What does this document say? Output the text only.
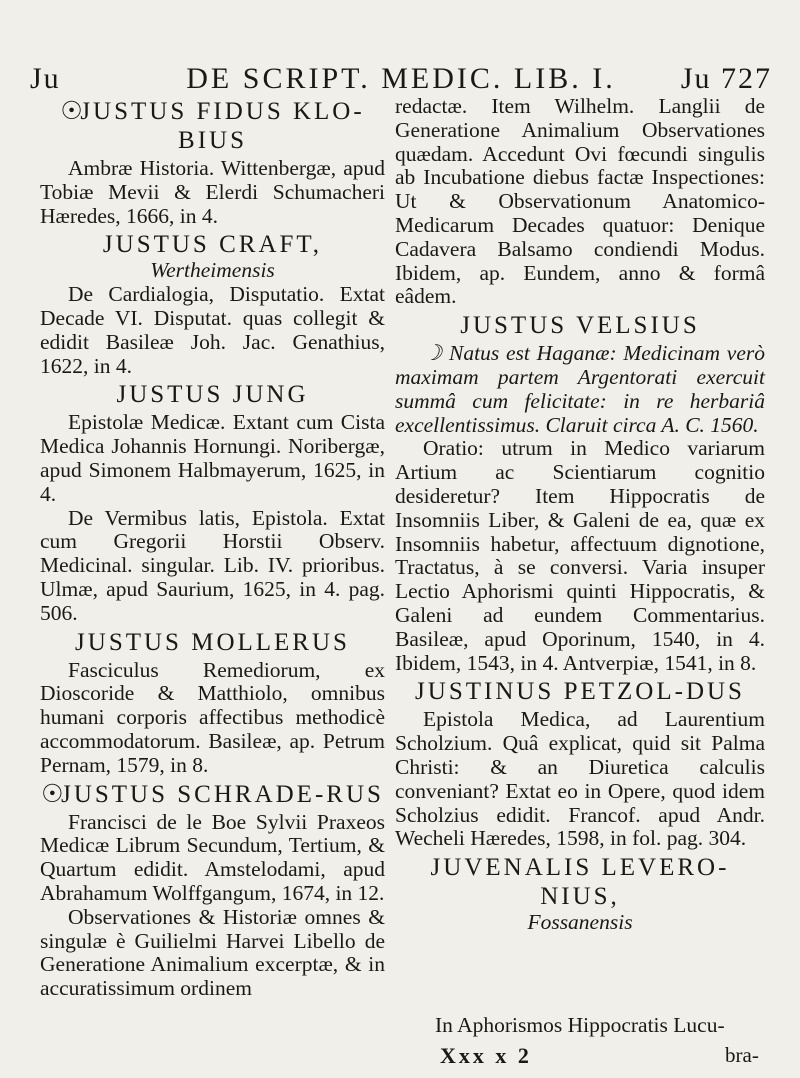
Ju	DE SCRIPT. MEDIC. LIB. I.	Ju 727
☉JUSTUS FIDUS KLO-BIUS

Ambræ Historia. Wittenbergæ, apud Tobiæ Mevii & Elerdi Schumacheri Hæredes, 1666, in 4.

JUSTUS CRAFT,
Wertheimensis

De Cardialogia, Disputatio. Extat Decade VI. Disputat. quas collegit & edidit Basileæ Joh. Jac. Genathius, 1622, in 4.

JUSTUS JUNG

Epistolæ Medicæ. Extant cum Cista Medica Johannis Hornungi. Noribergæ, apud Simonem Halbmayerum, 1625, in 4.

De Vermibus latis, Epistola. Extat cum Gregorii Horstii Observ. Medicinal. singular. Lib. IV. prioribus. Ulmæ, apud Saurium, 1625, in 4. pag. 506.

JUSTUS MOLLERUS

Fasciculus Remediorum, ex Dioscoride & Matthiolo, omnibus humani corporis affectibus methodicè accommodatorum. Basileæ, ap. Petrum Pernam, 1579, in 8.

☉JUSTUS SCHRADE-RUS

Francisci de le Boe Sylvii Praxeos Medicæ Librum Secundum, Tertium, & Quartum edidit. Amstelodami, apud Abrahamum Wolffgangum, 1674, in 12.

Observationes & Historiæ omnes & singulæ è Guilielmi Harvei Libello de Generatione Animalium excerptæ, & in accuratissimum ordinem

redactæ. Item Wilhelm. Langlii de Generatione Animalium Observationes quædam. Accedunt Ovi fœcundi singulis ab Incubatione diebus factæ Inspectiones: Ut & Observationum Anatomico-Medicarum Decades quatuor: Denique Cadavera Balsamo condiendi Modus. Ibidem, ap. Eundem, anno & formâ eâdem.

JUSTUS VELSIUS

☽ Natus est Haganæ: Medicinam verò maximam partem Argentorati exercuit summâ cum felicitate: in re herbariâ excellentissimus. Claruit circa A. C. 1560.

Oratio: utrum in Medico variarum Artium ac Scientiarum cognitio desideretur? Item Hippocratis de Insomniis Liber, & Galeni de ea, quæ ex Insomniis habetur, affectuum dignotione, Tractatus, à se conversi. Varia insuper Lectio Aphorismi quinti Hippocratis, & Galeni ad eundem Commentarius. Basileæ, apud Oporinum, 1540, in 4. Ibidem, 1543, in 4. Antverpiæ, 1541, in 8.

JUSTINUS PETZOL-DUS

Epistola Medica, ad Laurentium Scholzium. Quâ explicat, quid sit Palma Christi: & an Diuretica calculis conveniant? Extat eo in Opere, quod idem Scholzius edidit. Francof. apud Andr. Wecheli Hæredes, 1598, in fol. pag. 304.

JUVENALIS LEVERO-NIUS,
Fossanensis

In Aphorismos Hippocratis Lucu-

Xxx x 2	bra-
